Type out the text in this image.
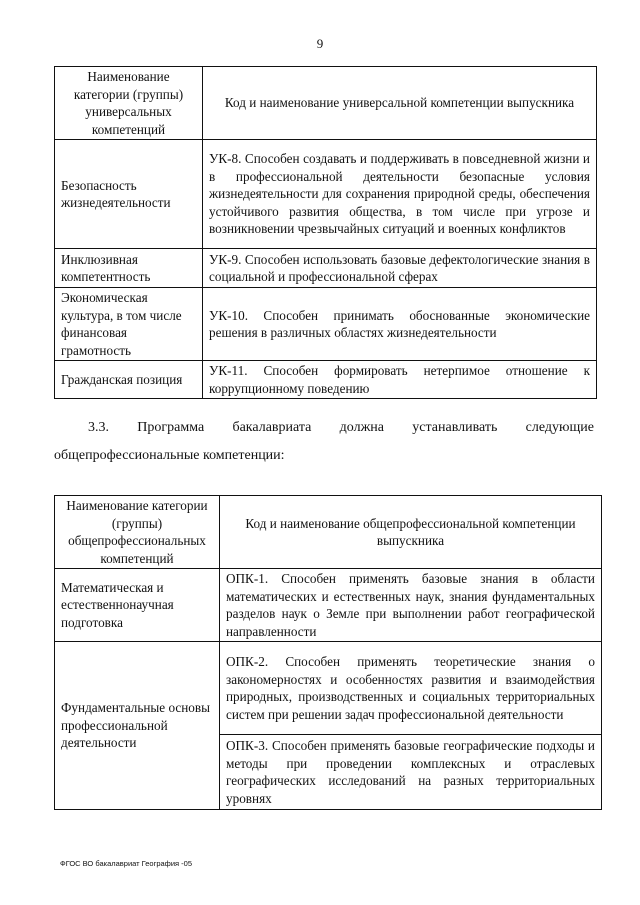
9
Наименование категории (группы) универсальных компетенций	Код и наименование универсальной компетенции выпускника
Безопасность жизнедеятельности	УК-8. Способен создавать и поддерживать в повседневной жизни и в профессиональной деятельности безопасные условия жизнедеятельности для сохранения природной среды, обеспечения устойчивого развития общества, в том числе при угрозе и возникновении чрезвычайных ситуаций и военных конфликтов
Инклюзивная компетентность	УК-9. Способен использовать базовые дефектологические знания в социальной и профессиональной сферах
Экономическая культура, в том числе финансовая грамотность	УК-10. Способен принимать обоснованные экономические решения в различных областях жизнедеятельности
Гражданская позиция	УК-11. Способен формировать нетерпимое отношение к коррупционному поведению
3.3. Программа бакалавриата должна устанавливать следующие
общепрофессиональные компетенции:
Наименование категории (группы) общепрофессиональных компетенций	Код и наименование общепрофессиональной компетенции выпускника
Математическая и естественнонаучная подготовка	ОПК-1. Способен применять базовые знания в области математических и естественных наук, знания фундаментальных разделов наук о Земле при выполнении работ географической направленности
Фундаментальные основы профессиональной деятельности	ОПК-2. Способен применять теоретические знания о закономерностях и особенностях развития и взаимодействия природных, производственных и социальных территориальных систем при решении задач профессиональной деятельности
	ОПК-3. Способен применять базовые географические подходы и методы при проведении комплексных и отраслевых географических исследований на разных территориальных уровнях
ФГОС ВО бакалавриат География -05
